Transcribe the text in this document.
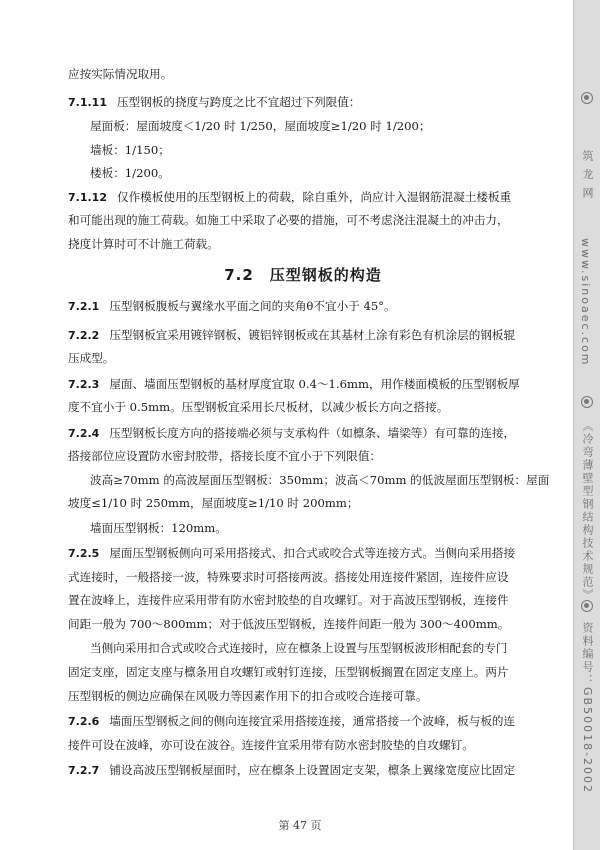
应按实际情况取用。
7.1.11 压型钢板的挠度与跨度之比不宜超过下列限值：
屋面板：屋面坡度＜1/20 时 1/250，屋面坡度≥1/20 时 1/200；
墙板：1/150；
楼板：1/200。
7.1.12 仅作模板使用的压型钢板上的荷载，除自重外，尚应计入湿钢筋混凝土楼板重
和可能出现的施工荷载。如施工中采取了必要的措施，可不考虑浇注混凝土的冲击力，
挠度计算时可不计施工荷载。
7.2　压型钢板的构造
7.2.1 压型钢板腹板与翼缘水平面之间的夹角θ不宜小于 45°。
7.2.2 压型钢板宜采用镀锌钢板、镀铝锌钢板或在其基材上涂有彩色有机涂层的钢板辊
压成型。
7.2.3 屋面、墙面压型钢板的基材厚度宜取 0.4～1.6mm，用作楼面模板的压型钢板厚
度不宜小于 0.5mm。压型钢板宜采用长尺板材，以减少板长方向之搭接。
7.2.4 压型钢板长度方向的搭接端必须与支承构件（如檩条、墙梁等）有可靠的连接，
搭接部位应设置防水密封胶带，搭接长度不宜小于下列限值：
波高≥70mm 的高波屋面压型钢板：350mm；波高＜70mm 的低波屋面压型钢板：屋面
坡度≤1/10 时 250mm，屋面坡度≥1/10 时 200mm；
墙面压型钢板：120mm。
7.2.5 屋面压型钢板侧向可采用搭接式、扣合式或咬合式等连接方式。当侧向采用搭接
式连接时，一般搭接一波，特殊要求时可搭接两波。搭接处用连接件紧固，连接件应设
置在波峰上，连接件应采用带有防水密封胶垫的自攻螺钉。对于高波压型钢板，连接件
间距一般为 700～800mm；对于低波压型钢板，连接件间距一般为 300～400mm。
当侧向采用扣合式或咬合式连接时，应在檩条上设置与压型钢板波形相配套的专门
固定支座，固定支座与檩条用自攻螺钉或射钉连接，压型钢板搁置在固定支座上。两片
压型钢板的侧边应确保在风吸力等因素作用下的扣合或咬合连接可靠。
7.2.6 墙面压型钢板之间的侧向连接宜采用搭接连接，通常搭接一个波峰，板与板的连
接件可设在波峰，亦可设在波谷。连接件宜采用带有防水密封胶垫的自攻螺钉。
7.2.7 铺设高波压型钢板屋面时，应在檩条上设置固定支架，檩条上翼缘宽度应比固定
第 47 页
筑 龙 网
www.sinoaec.com
《冷弯薄壁型钢结构技术规范》
资料编号：GB50018-2002
